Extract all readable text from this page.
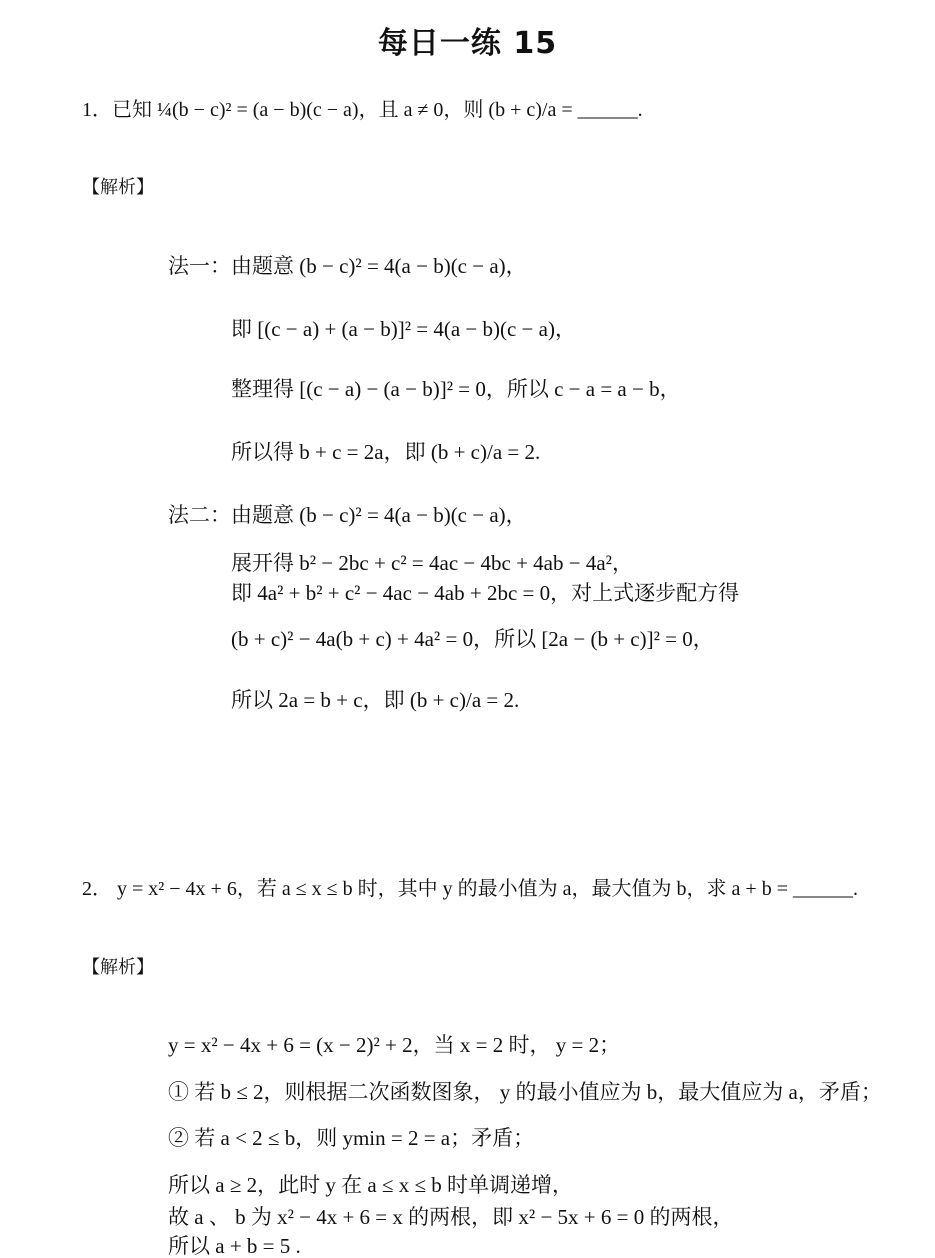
每日一练 15
1．已知 ¼(b − c)² = (a − b)(c − a)，且 a ≠ 0，则 (b + c)/a = ______.
【解析】
法一：由题意 (b − c)² = 4(a − b)(c − a)，
即 [(c − a) + (a − b)]² = 4(a − b)(c − a)，
整理得 [(c − a) − (a − b)]² = 0，所以 c − a = a − b，
所以得 b + c = 2a，即 (b + c)/a = 2.
法二：由题意 (b − c)² = 4(a − b)(c − a)，
展开得 b² − 2bc + c² = 4ac − 4bc + 4ab − 4a²，
即 4a² + b² + c² − 4ac − 4ab + 2bc = 0，对上式逐步配方得
(b + c)² − 4a(b + c) + 4a² = 0，所以 [2a − (b + c)]² = 0，
所以 2a = b + c，即 (b + c)/a = 2.
2． y = x² − 4x + 6，若 a ≤ x ≤ b 时，其中 y 的最小值为 a，最大值为 b，求 a + b = ______.
【解析】
y = x² − 4x + 6 = (x − 2)² + 2，当 x = 2 时， y = 2；
① 若 b ≤ 2，则根据二次函数图象， y 的最小值应为 b，最大值应为 a，矛盾；
② 若 a < 2 ≤ b，则 ymin = 2 = a；矛盾；
所以 a ≥ 2，此时 y 在 a ≤ x ≤ b 时单调递增，
故 a 、 b 为 x² − 4x + 6 = x 的两根，即 x² − 5x + 6 = 0 的两根，
所以 a + b = 5 .
